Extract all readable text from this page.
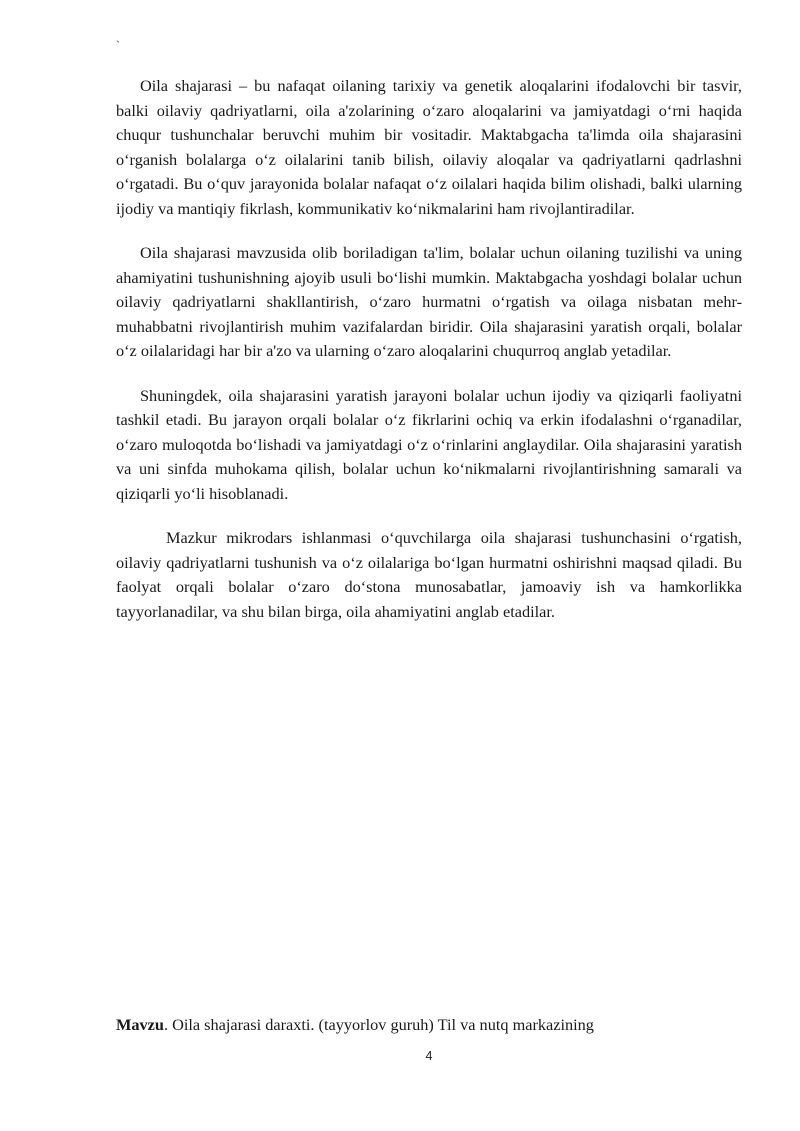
`

Oila shajarasi – bu nafaqat oilaning tarixiy va genetik aloqalarini ifodalovchi bir tasvir, balki oilaviy qadriyatlarni, oila a'zolarining o‘zaro aloqalarini va jamiyatdagi o‘rni haqida chuqur tushunchalar beruvchi muhim bir vositadir. Maktabgacha ta'limda oila shajarasini o‘rganish bolalarga o‘z oilalarini tanib bilish, oilaviy aloqalar va qadriyatlarni qadrlashni o‘rgatadi. Bu o‘quv jarayonida bolalar nafaqat o‘z oilalari haqida bilim olishadi, balki ularning ijodiy va mantiqiy fikrlash, kommunikativ ko‘nikmalarini ham rivojlantiradilar.

Oila shajarasi mavzusida olib boriladigan ta'lim, bolalar uchun oilaning tuzilishi va uning ahamiyatini tushunishning ajoyib usuli bo‘lishi mumkin. Maktabgacha yoshdagi bolalar uchun oilaviy qadriyatlarni shakllantirish, o‘zaro hurmatni o‘rgatish va oilaga nisbatan mehr-muhabbatni rivojlantirish muhim vazifalardan biridir. Oila shajarasini yaratish orqali, bolalar o‘z oilalaridagi har bir a'zo va ularning o‘zaro aloqalarini chuqurroq anglab yetadilar.

Shuningdek, oila shajarasini yaratish jarayoni bolalar uchun ijodiy va qiziqarli faoliyatni tashkil etadi. Bu jarayon orqali bolalar o‘z fikrlarini ochiq va erkin ifodalashni o‘rganadilar, o‘zaro muloqotda bo‘lishadi va jamiyatdagi o‘z o‘rinlarini anglaydilar. Oila shajarasini yaratish va uni sinfda muhokama qilish, bolalar uchun ko‘nikmalarni rivojlantirishning samarali va qiziqarli yo‘li hisoblanadi.

Mazkur mikrodars ishlanmasi o‘quvchilarga oila shajarasi tushunchasini o‘rgatish, oilaviy qadriyatlarni tushunish va o‘z oilalariga bo‘lgan hurmatni oshirishni maqsad qiladi. Bu faolyat orqali bolalar o‘zaro do‘stona munosabatlar, jamoaviy ish va hamkorlikka tayyorlanadilar, va shu bilan birga, oila ahamiyatini anglab etadilar.

Mavzu. Oila shajarasi daraxti. (tayyorlov guruh) Til va nutq markazining
4
